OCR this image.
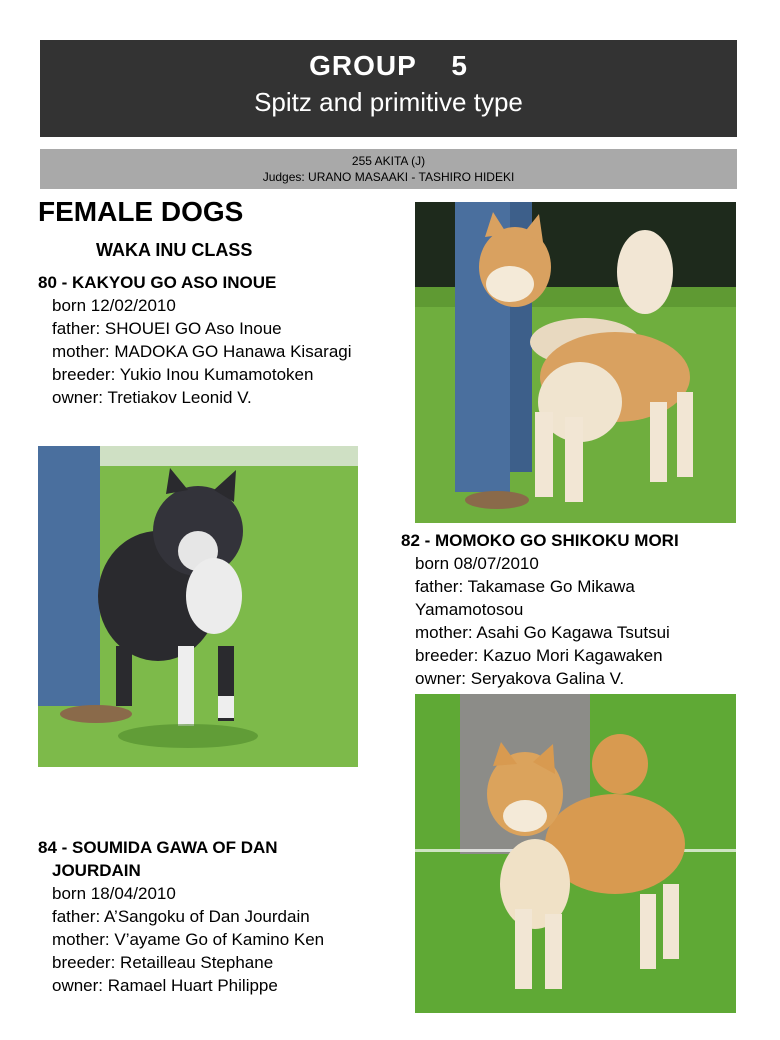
GROUP    5
Spitz and primitive type
255 AKITA (J)
Judges: URANO MASAAKI - TASHIRO HIDEKI
FEMALE DOGS
WAKA INU CLASS
80 - KAKYOU GO ASO INOUE
born 12/02/2010
father: SHOUEI GO Aso Inoue
mother: MADOKA GO Hanawa Kisaragi
breeder: Yukio Inou Kumamotoken
owner: Tretiakov Leonid V.
82 - MOMOKO GO SHIKOKU MORI
born 08/07/2010
father: Takamase Go Mikawa
Yamamotosou
mother: Asahi Go Kagawa Tsutsui
breeder: Kazuo Mori Kagawaken
owner: Seryakova Galina V.
84 - SOUMIDA GAWA OF DAN
JOURDAIN
born 18/04/2010
father: A’Sangoku of Dan Jourdain
mother: V’ayame Go of Kamino Ken
breeder: Retailleau Stephane
owner: Ramael Huart Philippe
